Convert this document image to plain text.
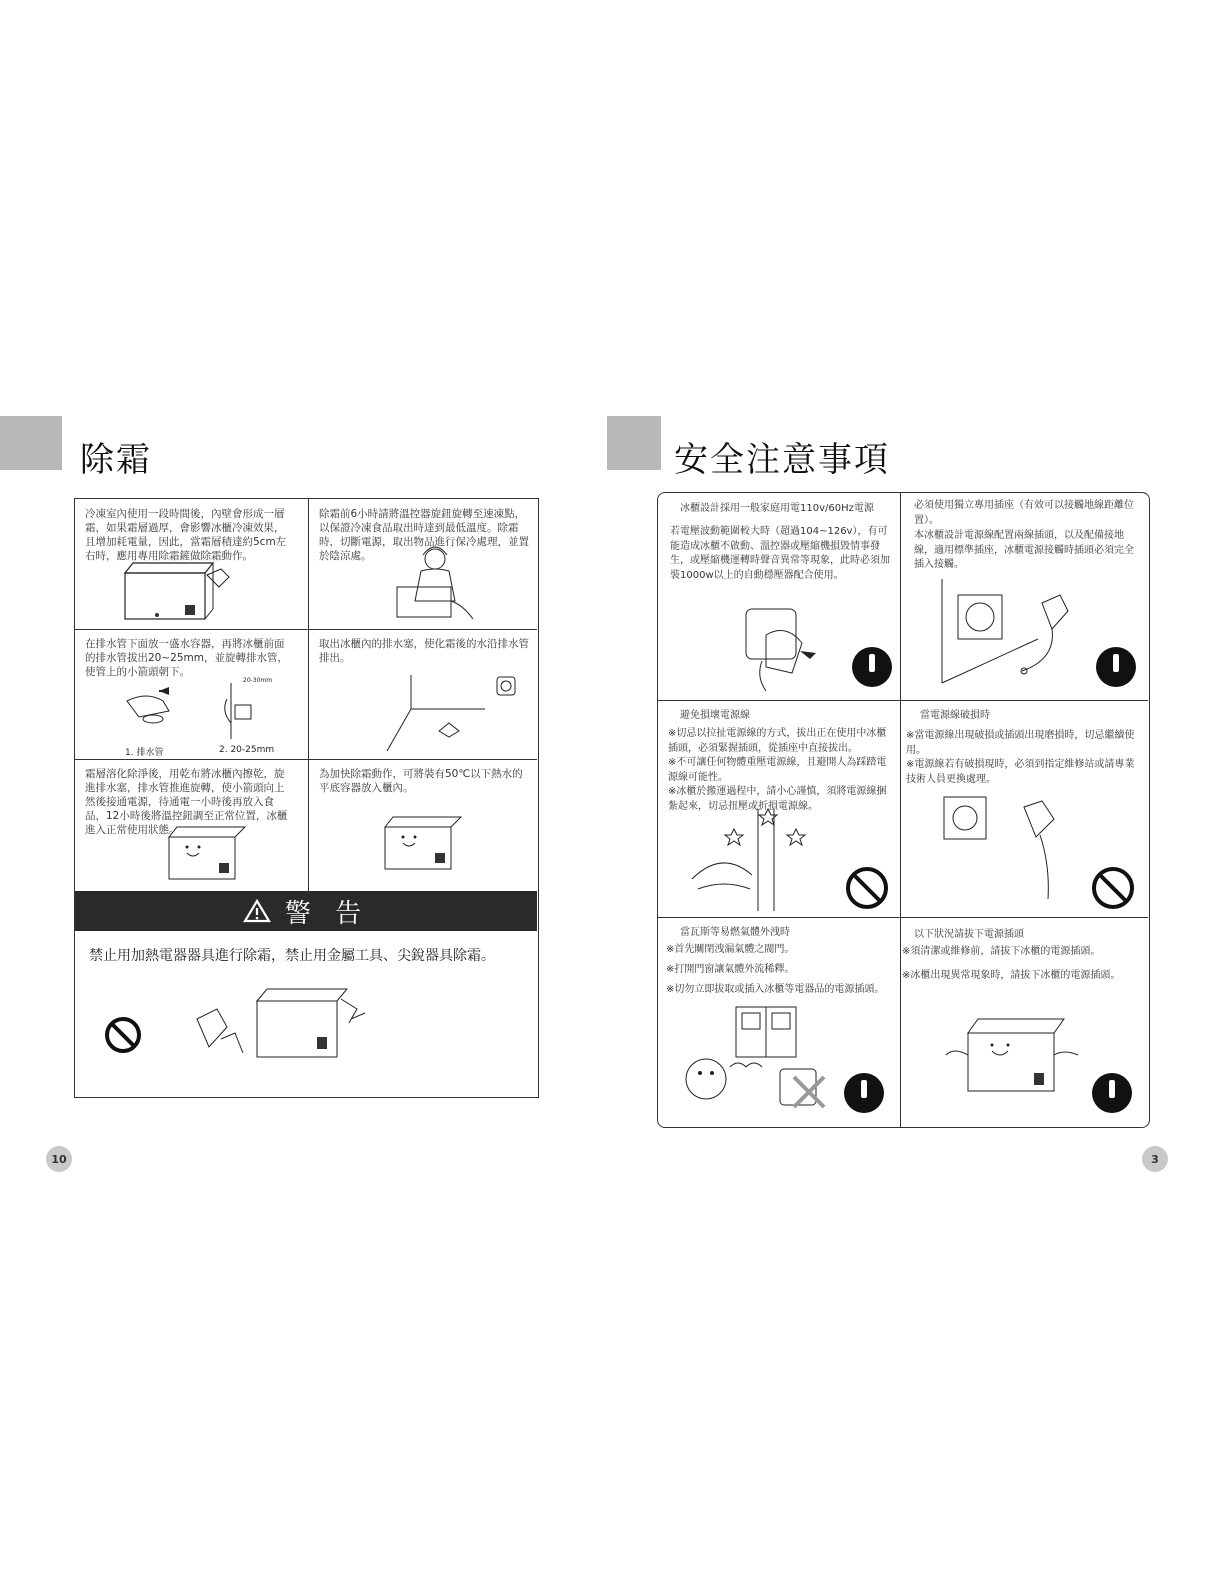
除霜
冷凍室內使用一段時間後，內壁會形成一層霜，如果霜層過厚，會影響冰櫃冷凍效果，且增加耗電量，因此，當霜層積達約5cm左右時，應用專用除霜鏟做除霜動作。
除霜前6小時請將溫控器旋鈕旋轉至速凍點，以保證冷凍食品取出時達到最低溫度。除霜時，切斷電源，取出物品進行保冷處理，並置於陰涼處。
在排水管下面放一盛水容器，再將冰櫃前面的排水管拔出20~25mm，並旋轉排水管，使管上的小箭頭朝下。
20-30mm
1. 排水管	2. 20-25mm
取出冰櫃內的排水塞，使化霜後的水沿排水管排出。
霜層溶化除淨後，用乾布將冰櫃內擦乾，旋進排水塞，排水管推進旋轉，使小箭頭向上然後接通電源，待通電一小時後再放入食品，12小時後將溫控鈕調至正常位置，冰櫃進入正常使用狀態。
為加快除霜動作，可將裝有50℃以下熱水的平底容器放入櫃內。
警 告
禁止用加熱電器器具進行除霜，禁止用金屬工具、尖銳器具除霜。
10
安全注意事項
冰櫃設計採用一般家庭用電110v/60Hz電源
若電壓波動範圍較大時（超過104~126v），有可能造成冰櫃不啟動、溫控器或壓縮機損毀情事發生，或壓縮機運轉時聲音異常等現象，此時必須加裝1000w以上的自動穩壓器配合使用。
必須使用獨立專用插座（有效可以接觸地線距離位置）。
本冰櫃設計電源線配置兩線插頭，以及配備接地線，適用標準插座，冰櫃電源接觸時插頭必須完全插入接觸。
避免損壞電源線
※切忌以拉扯電源線的方式，拔出正在使用中冰櫃插頭，必須緊握插頭，從插座中直接拔出。
※不可讓任何物體重壓電源線，且避開人為踩踏電源線可能性。
※冰櫃於搬運過程中，請小心謹慎，須將電源線捆紮起來，切忌扭壓或折損電源線。
當電源線破損時
※當電源線出現破損或插頭出現磨損時，切忌繼續使用。
※電源線若有破損現時，必須到指定維修站或請專業技術人員更換處理。
當瓦斯等易燃氣體外洩時
※首先關閉洩漏氣體之閥門。
※打開門窗讓氣體外流稀釋。
※切勿立即拔取或插入冰櫃等電器品的電源插頭。
以下狀況請拔下電源插頭
※須清潔或維修前，請拔下冰櫃的電源插頭。
※冰櫃出現異常現象時，請拔下冰櫃的電源插頭。
3
